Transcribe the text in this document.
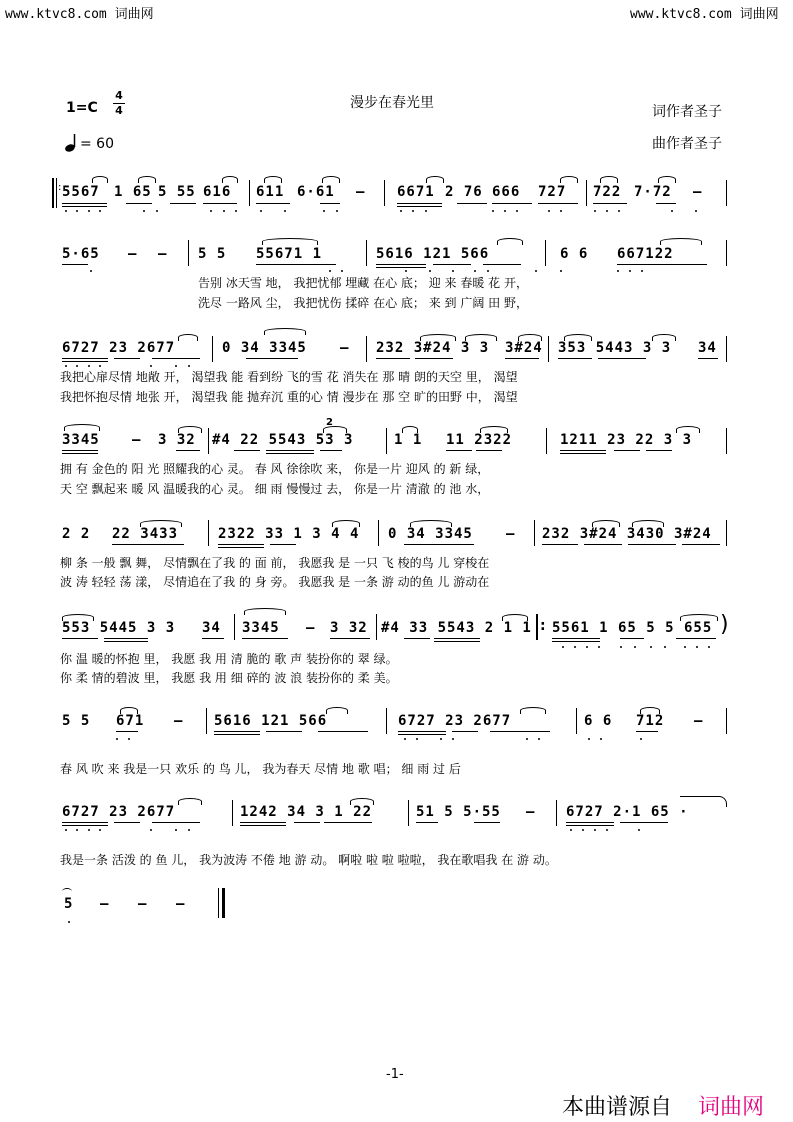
www.ktvc8.com 词曲网	www.ktvc8.com 词曲网
漫步在春光里
词作者圣子
曲作者圣子
1=C
4
4
= 60
: 5567 1 65 5 55 616 611 6·61 – 6671 2 76 666 727 722 7·72 –
5·65 – – 5 5 55671 1	5616 121 566	6 6 667122
告别 冰天雪 地， 我把忧郁 埋藏 在心 底； 迎 来 春暖 花 开，
洗尽 一路风 尘， 我把忧伤 揉碎 在心 底； 来 到 广阔 田 野，
6727 23 2677	0 34 3345 – 232 3#24 3 3 3#24 353 5443 3 3 34
我把心扉尽情 地敞 开， 渴望我 能 看到纷 飞的雪 花 消失在 那 晴 朗的天空 里， 渴望
我把怀抱尽情 地张 开， 渴望我 能 抛弃沉 重的心 情 漫步在 那 空 旷的田野 中， 渴望
3345 – 3 32 #4 22 5543 53 3
2
1 1 11 2322	1211 23 22 3 3
拥 有 金色的 阳 光 照耀我的心 灵。 春 风 徐徐吹 来， 你是一片 迎风 的 新 绿，
天 空 飘起来 暖 风 温暖我的心 灵。 细 雨 慢慢过 去， 你是一片 清澈 的 池 水，
2 2 22 3433	2322 33 1 3 4 4 0 34 3345 – 232 3#24 3430 3#24
柳 条 一般 飘 舞， 尽情飘在了我 的 面 前， 我愿我 是 一只 飞 梭的鸟 儿 穿梭在
波 涛 轻轻 荡 漾， 尽情追在了我 的 身 旁。 我愿我 是 一条 游 动的鱼 儿 游动在
553 5445 3 3 34 3345 – 3 32 #4 33 5543 2 1 1 : 5561 1 65 5 5 655 )
你 温 暖的怀抱 里， 我愿 我 用 清 脆的 歌 声 装扮你的 翠 绿。
你 柔 情的碧波 里， 我愿 我 用 细 碎的 波 浪 装扮你的 柔 美。
5 5 671 – 5616 121 566	6727 23 2677	6 6 712 –
春 风 吹 来 我是一只 欢乐 的 鸟 儿， 我为春天 尽情 地 歌 唱； 细 雨 过 后
6727 23 2677	1242 34 3 1 22	51 5 5·55 – 6727 2·1 65 ·
我是一条 活泼 的 鱼 儿， 我为波涛 不倦 地 游 动。 啊啦 啦 啦 啦啦， 我在歌唱我 在 游 动。
5 – – –
-1-
本曲谱源自 词曲网
